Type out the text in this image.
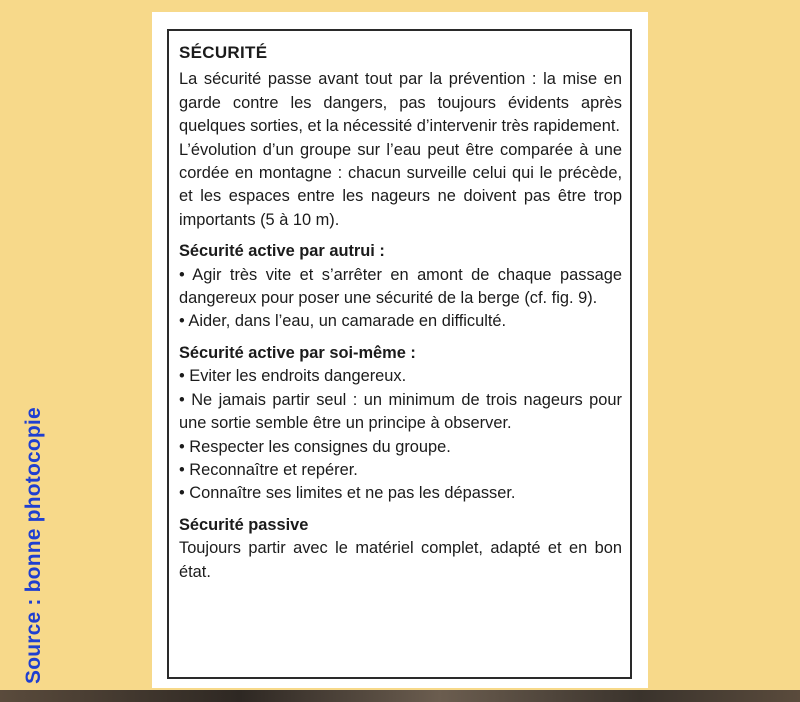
Source : bonne photocopie
SÉCURITÉ
La sécurité passe avant tout par la prévention : la mise en garde contre les dangers, pas toujours évidents après quelques sorties, et la nécessité d’intervenir très rapidement.
L’évolution d’un groupe sur l’eau peut être comparée à une cordée en montagne : chacun surveille celui qui le précède, et les espaces entre les nageurs ne doivent pas être trop importants (5 à 10 m).
Sécurité active par autrui :
• Agir très vite et s’arrêter en amont de chaque passage dangereux pour poser une sécurité de la berge (cf. fig. 9).
• Aider, dans l’eau, un camarade en difficulté.
Sécurité active par soi-même :
• Eviter les endroits dangereux.
• Ne jamais partir seul : un minimum de trois nageurs pour une sortie semble être un principe à observer.
• Respecter les consignes du groupe.
• Reconnaître et repérer.
• Connaître ses limites et ne pas les dépasser.
Sécurité passive
Toujours partir avec le matériel complet, adapté et en bon état.
